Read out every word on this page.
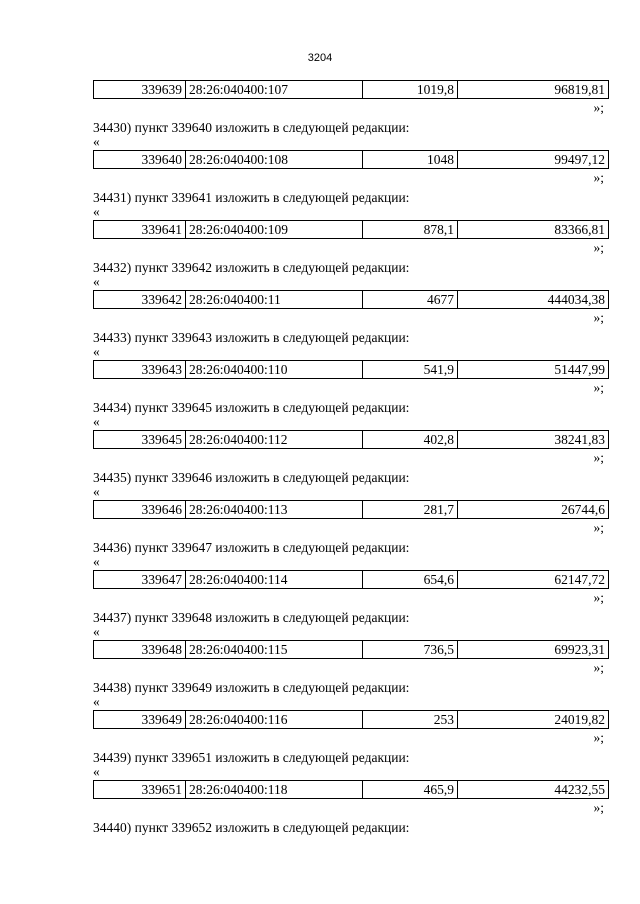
3204
339639	28:26:040400:107	1019,8	96819,81
»;
34430) пункт 339640 изложить в следующей редакции:
«
339640	28:26:040400:108	1048	99497,12
»;
34431) пункт 339641 изложить в следующей редакции:
«
339641	28:26:040400:109	878,1	83366,81
»;
34432) пункт 339642 изложить в следующей редакции:
«
339642	28:26:040400:11	4677	444034,38
»;
34433) пункт 339643 изложить в следующей редакции:
«
339643	28:26:040400:110	541,9	51447,99
»;
34434) пункт 339645 изложить в следующей редакции:
«
339645	28:26:040400:112	402,8	38241,83
»;
34435) пункт 339646 изложить в следующей редакции:
«
339646	28:26:040400:113	281,7	26744,6
»;
34436) пункт 339647 изложить в следующей редакции:
«
339647	28:26:040400:114	654,6	62147,72
»;
34437) пункт 339648 изложить в следующей редакции:
«
339648	28:26:040400:115	736,5	69923,31
»;
34438) пункт 339649 изложить в следующей редакции:
«
339649	28:26:040400:116	253	24019,82
»;
34439) пункт 339651 изложить в следующей редакции:
«
339651	28:26:040400:118	465,9	44232,55
»;
34440) пункт 339652 изложить в следующей редакции:
